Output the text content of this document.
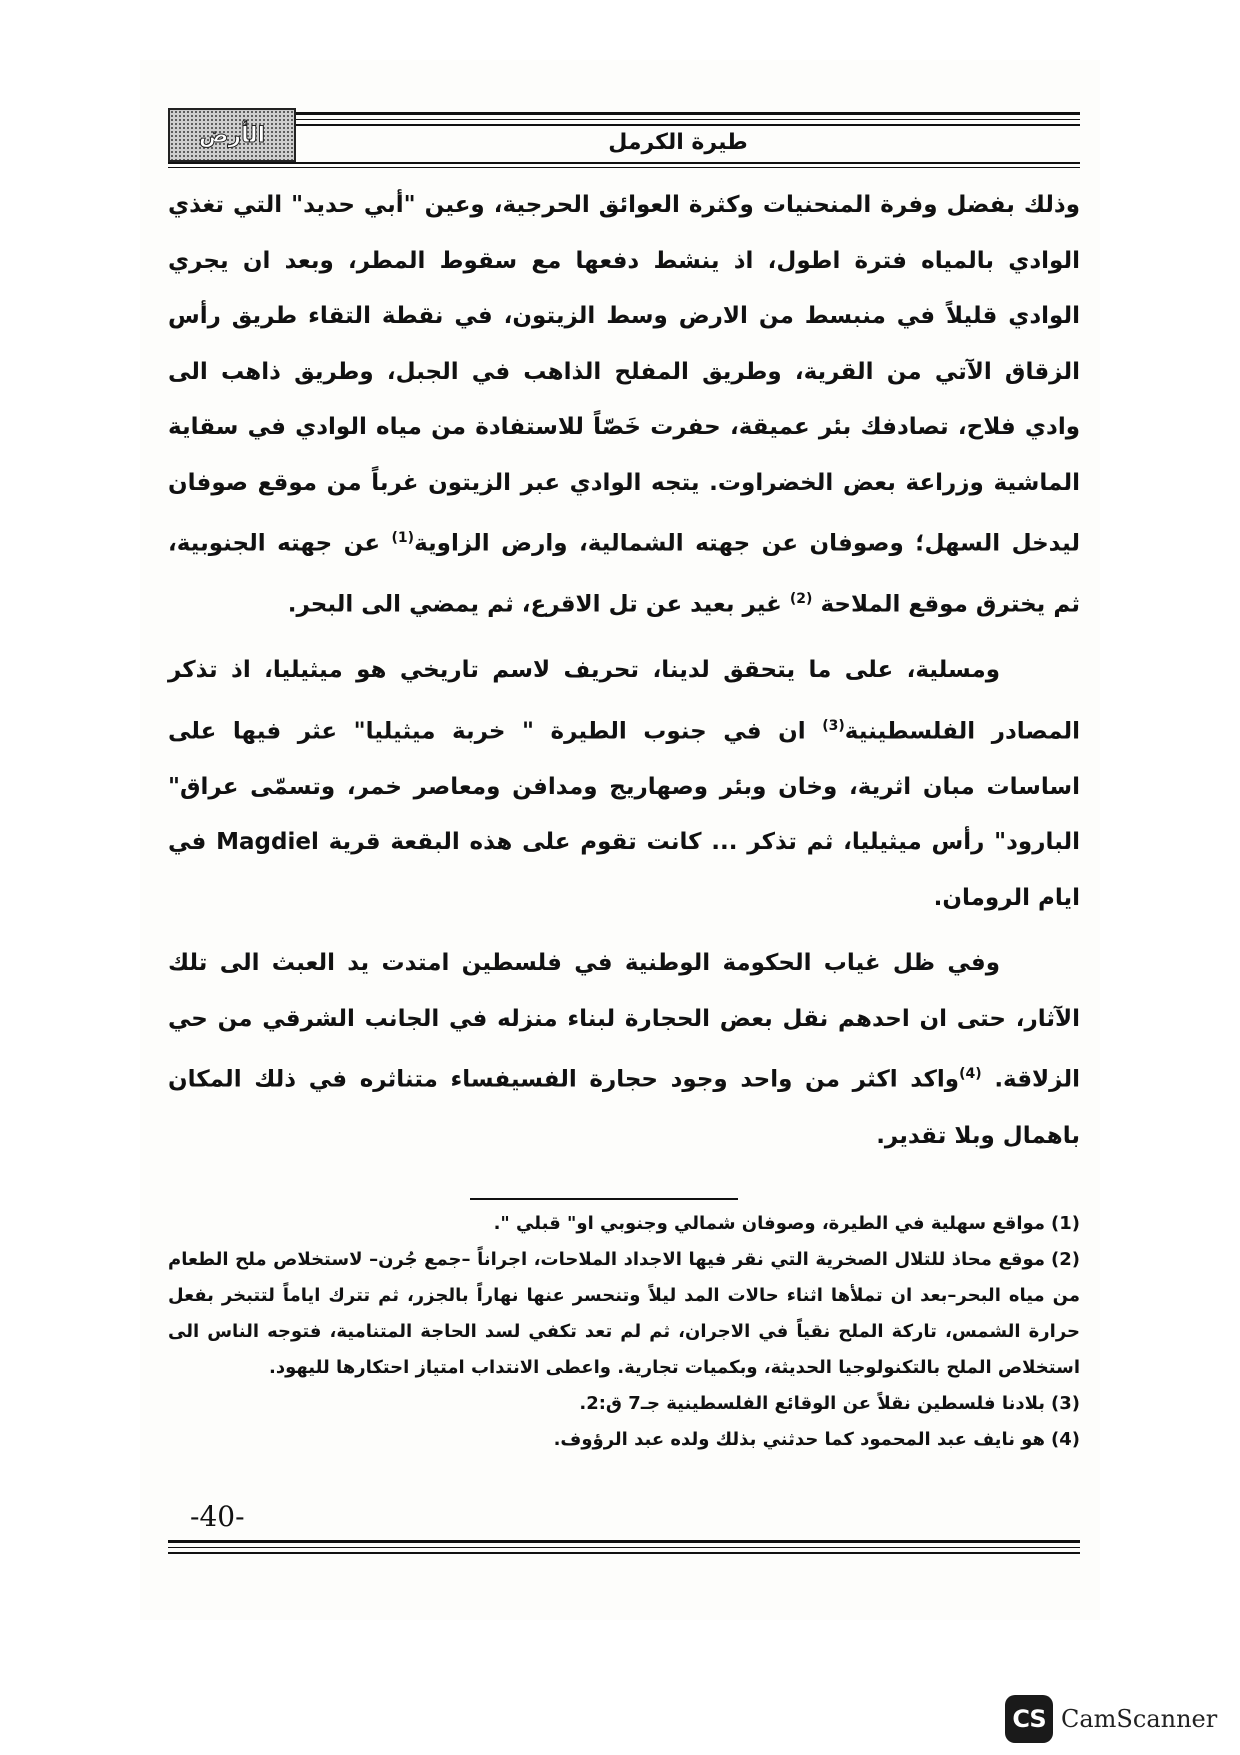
الأرض	طيرة الكرمل

وذلك بفضل وفرة المنحنيات وكثرة العوائق الحرجية، وعين "أبي حديد" التي تغذي الوادي بالمياه فترة اطول، اذ ينشط دفعها مع سقوط المطر، وبعد ان يجري الوادي قليلاً في منبسط من الارض وسط الزيتون، في نقطة التقاء طريق رأس الزقاق الآتي من القرية، وطريق المفلح الذاهب في الجبل، وطريق ذاهب الى وادي فلاح، تصادفك بئر عميقة، حفرت خَصّاً للاستفادة من مياه الوادي في سقاية الماشية وزراعة بعض الخضراوت. يتجه الوادي عبر الزيتون غرباً من موقع صوفان ليدخل السهل؛ وصوفان عن جهته الشمالية، وارض الزاوية$^{(1)}$ عن جهته الجنوبية، ثم يخترق موقع الملاحة $^{(2)}$ غير بعيد عن تل الاقرع، ثم يمضي الى البحر.

ومسلية، على ما يتحقق لدينا، تحريف لاسم تاريخي هو ميثيليا، اذ تذكر المصادر الفلسطينية$^{(3)}$ ان في جنوب الطيرة " خربة ميثيليا" عثر فيها على اساسات مبان اثرية، وخان وبئر وصهاريج ومدافن ومعاصر خمر، وتسمّى عراق" البارود" رأس ميثيليا، ثم تذكر ... كانت تقوم على هذه البقعة قرية Magdiel في ايام الرومان.

وفي ظل غياب الحكومة الوطنية في فلسطين امتدت يد العبث الى تلك الآثار، حتى ان احدهم نقل بعض الحجارة لبناء منزله في الجانب الشرقي من حي الزلاقة. $^{(4)}$واكد اكثر من واحد وجود حجارة الفسيفساء متناثره في ذلك المكان باهمال وبلا تقدير.

(1)مواقع سهلية في الطيرة، وصوفان شمالي وجنوبي او" قبلي ".

(2)موقع محاذ للتلال الصخرية التي نقر فيها الاجداد الملاحات، اجراناً –جمع جُرن– لاستخلاص ملح الطعام من مياه البحر–بعد ان تملأها اثناء حالات المد ليلاً وتنحسر عنها نهاراً بالجزر، ثم تترك اياماً لتتبخر بفعل حرارة الشمس، تاركة الملح نقياً في الاجران، ثم لم تعد تكفي لسد الحاجة المتنامية، فتوجه الناس الى استخلاص الملح بالتكنولوجيا الحديثة، وبكميات تجارية. واعطى الانتداب امتياز احتكارها لليهود.

(3)بلادنا فلسطين نقلاً عن الوقائع الفلسطينية جـ7 ق:2.

(4)هو نايف عبد المحمود كما حدثني بذلك ولده عبد الرؤوف.

-40-
CS CamScanner
